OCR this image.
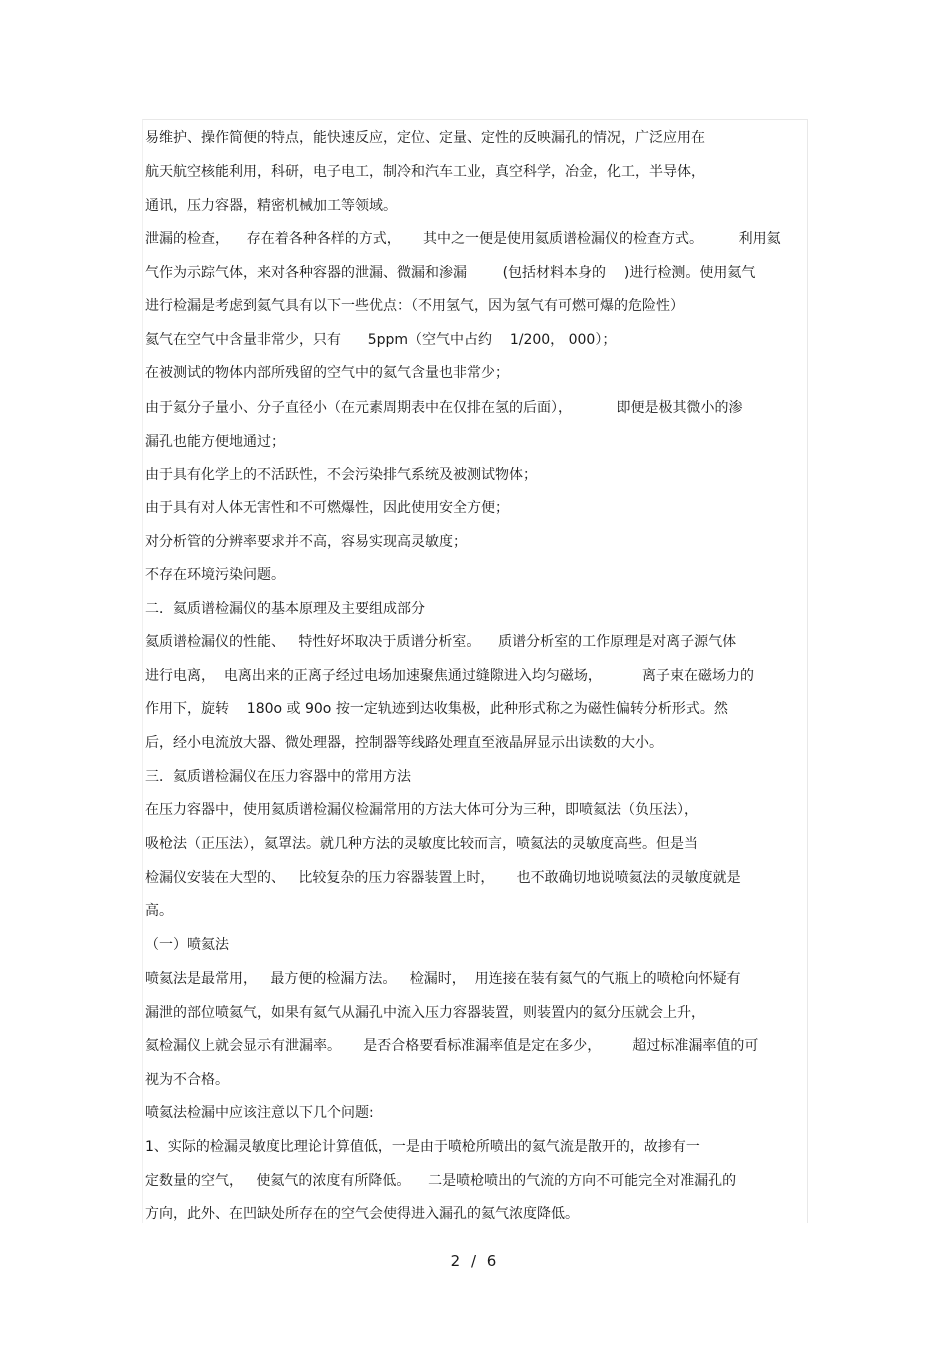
易维护、操作简便的特点，能快速反应，定位、定量、定性的反映漏孔的情况，广泛应用在
航天航空核能利用，科研，电子电工，制冷和汽车工业，真空科学，冶金，化工，半导体，
通讯，压力容器，精密机械加工等领域。
泄漏的检查，    存在着各种各样的方式，     其中之一便是使用氦质谱检漏仪的检查方式。        利用氦
气作为示踪气体，来对各种容器的泄漏、微漏和渗漏        (包括材料本身的    )进行检测。使用氦气
进行检漏是考虑到氦气具有以下一些优点：（不用氢气，因为氢气有可燃可爆的危险性）
氦气在空气中含量非常少，只有      5ppm（空气中占约    1/200， 000）；
在被测试的物体内部所残留的空气中的氦气含量也非常少；
由于氦分子量小、分子直径小（在元素周期表中在仅排在氢的后面），          即便是极其微小的渗
漏孔也能方便地通过；
由于具有化学上的不活跃性，不会污染排气系统及被测试物体；
由于具有对人体无害性和不可燃爆性，因此使用安全方便；
对分析管的分辨率要求并不高，容易实现高灵敏度；
不存在环境污染问题。
二．氦质谱检漏仪的基本原理及主要组成部分
氦质谱检漏仪的性能、   特性好坏取决于质谱分析室。    质谱分析室的工作原理是对离子源气体
进行电离，  电离出来的正离子经过电场加速聚焦通过缝隙进入均匀磁场，         离子束在磁场力的
作用下，旋转    180o 或 90o 按一定轨迹到达收集极，此种形式称之为磁性偏转分析形式。然
后，经小电流放大器、微处理器，控制器等线路处理直至液晶屏显示出读数的大小。
三．氦质谱检漏仪在压力容器中的常用方法
在压力容器中，使用氦质谱检漏仪检漏常用的方法大体可分为三种，即喷氦法（负压法），
吸枪法（正压法），氦罩法。就几种方法的灵敏度比较而言，喷氦法的灵敏度高些。但是当
检漏仪安装在大型的、   比较复杂的压力容器装置上时，     也不敢确切地说喷氦法的灵敏度就是
高。
（一）喷氦法
喷氦法是最常用，   最方便的检漏方法。   检漏时，  用连接在装有氦气的气瓶上的喷枪向怀疑有
漏泄的部位喷氦气，如果有氦气从漏孔中流入压力容器装置，则装置内的氦分压就会上升，
氦检漏仪上就会显示有泄漏率。     是否合格要看标准漏率值是定在多少，       超过标准漏率值的可
视为不合格。
喷氦法检漏中应该注意以下几个问题:
1、实际的检漏灵敏度比理论计算值低，一是由于喷枪所喷出的氦气流是散开的，故掺有一
定数量的空气，   使氦气的浓度有所降低。    二是喷枪喷出的气流的方向不可能完全对准漏孔的
方向，此外、在凹缺处所存在的空气会使得进入漏孔的氦气浓度降低。
2 / 6
